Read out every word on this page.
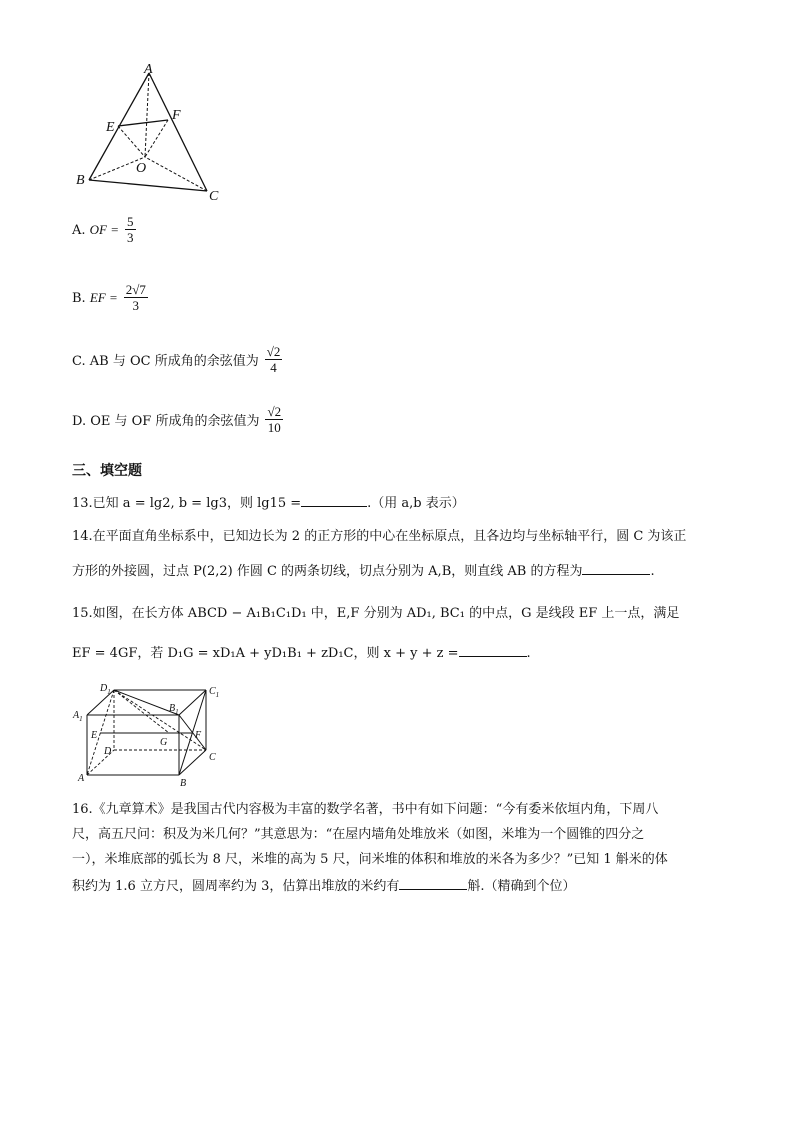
A
E
F
O
B
C
A. OF = $\frac{5}{3}$
B. EF = $\frac{2√7}{3}$
C. AB 与 OC 所成角的余弦值为 $\frac{√2}{4}$
D. OE 与 OF 所成角的余弦值为 $\frac{√2}{10}$
三、填空题
13.已知 a = lg2, b = lg3，则 lg15 =	.（用 a,b 表示）
14.在平面直角坐标系中，已知边长为 2 的正方形的中心在坐标原点，且各边均与坐标轴平行，圆 C 为该正
方形的外接圆，过点 P(2,2) 作圆 C 的两条切线，切点分别为 A,B，则直线 AB 的方程为	.
15.如图，在长方体 ABCD − A₁B₁C₁D₁ 中，E,F 分别为 AD₁, BC₁ 的中点，G 是线段 EF 上一点，满足
EF = 4GF，若 D₁G = xD₁A + yD₁B₁ + zD₁C，则 x + y + z =	.
$D_1$	$C_1$
$A_1$
$B_1$
E	F
G
D
C
A	B
16.《九章算术》是我国古代内容极为丰富的数学名著，书中有如下问题：“今有委米依垣内角，下周八
尺，高五尺问：积及为米几何？”其意思为：“在屋内墙角处堆放米（如图，米堆为一个圆锥的四分之
一），米堆底部的弧长为 8 尺，米堆的高为 5 尺，问米堆的体积和堆放的米各为多少？”已知 1 斛米的体
积约为 1.6 立方尺，圆周率约为 3，估算出堆放的米约有	斛.（精确到个位）
